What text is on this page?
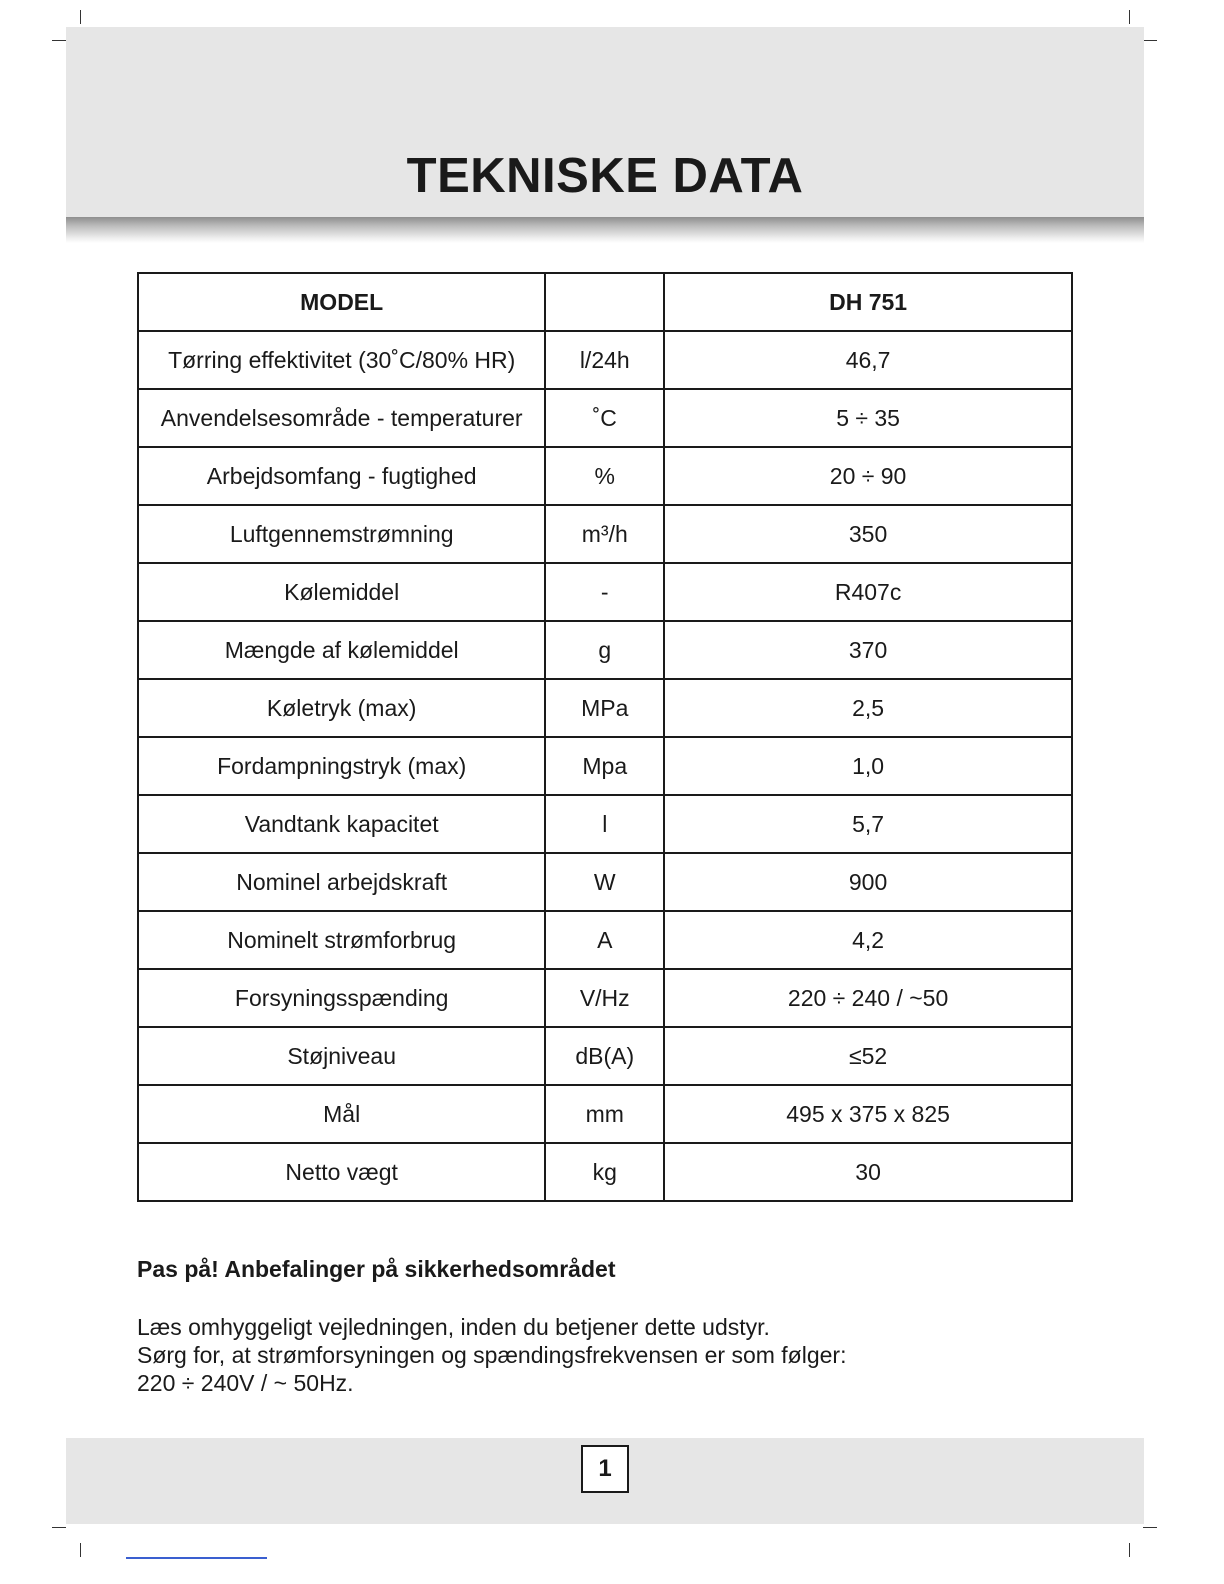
TEKNISKE DATA
MODEL		DH 751
Tørring effektivitet (30˚C/80% HR)	l/24h	46,7
Anvendelsesområde - temperaturer	˚C	5 ÷ 35
Arbejdsomfang - fugtighed	%	20 ÷ 90
Luftgennemstrømning	m³/h	350
Kølemiddel	-	R407c
Mængde af kølemiddel	g	370
Køletryk (max)	MPa	2,5
Fordampningstryk (max)	Mpa	1,0
Vandtank kapacitet	l	5,7
Nominel arbejdskraft	W	900
Nominelt strømforbrug	A	4,2
Forsyningsspænding	V/Hz	220 ÷ 240 / ~50
Støjniveau	dB(A)	≤52
Mål	mm	495 x 375 x 825
Netto vægt	kg	30
Pas på! Anbefalinger på sikkerhedsområdet
Læs omhyggeligt vejledningen, inden du betjener dette udstyr.
Sørg for, at strømforsyningen og spændingsfrekvensen er som følger:
220 ÷ 240V / ~ 50Hz.
1
